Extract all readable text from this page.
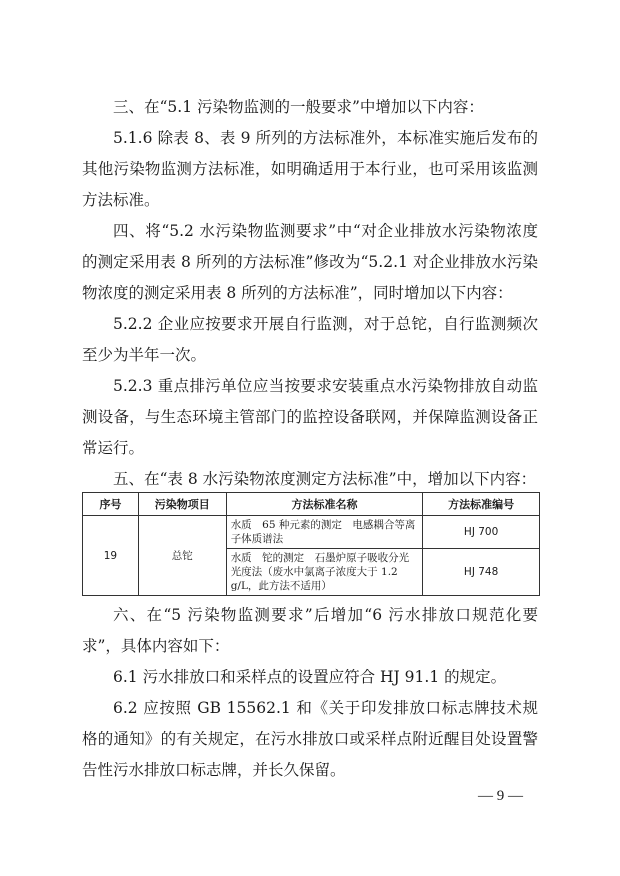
三、在“5.1 污染物监测的一般要求”中增加以下内容：

5.1.6 除表 8、表 9 所列的方法标准外，本标准实施后发布的其他污染物监测方法标准，如明确适用于本行业，也可采用该监测方法标准。

四、将“5.2 水污染物监测要求”中“对企业排放水污染物浓度的测定采用表 8 所列的方法标准”修改为“5.2.1 对企业排放水污染物浓度的测定采用表 8 所列的方法标准”，同时增加以下内容：

5.2.2 企业应按要求开展自行监测，对于总铊，自行监测频次至少为半年一次。

5.2.3 重点排污单位应当按要求安装重点水污染物排放自动监测设备，与生态环境主管部门的监控设备联网，并保障监测设备正常运行。

五、在“表 8 水污染物浓度测定方法标准”中，增加以下内容：

序号	污染物项目	方法标准名称	方法标准编号
19	总铊	水质　65 种元素的测定　电感耦合等离子体质谱法	HJ 700
		水质　铊的测定　石墨炉原子吸收分光光度法（废水中氯离子浓度大于 1.2 g/L，此方法不适用）	HJ 748

六、在“5 污染物监测要求”后增加“6 污水排放口规范化要求”，具体内容如下：

6.1 污水排放口和采样点的设置应符合 HJ 91.1 的规定。

6.2 应按照 GB 15562.1 和《关于印发排放口标志牌技术规格的通知》的有关规定，在污水排放口或采样点附近醒目处设置警告性污水排放口标志牌，并长久保留。

— 9 —
